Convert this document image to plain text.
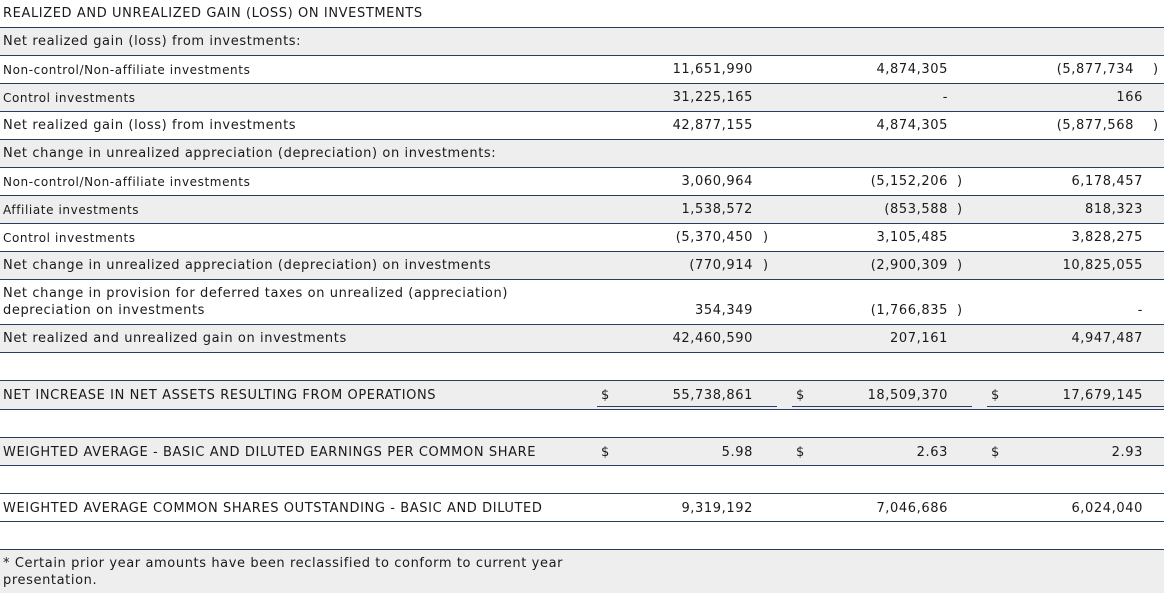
REALIZED AND UNREALIZED GAIN (LOSS) ON INVESTMENTS
Net realized gain (loss) from investments:
Non-control/Non-affiliate investments	11,651,990	4,874,305	(5,877,734 )
Control investments	31,225,165	-	166
Net realized gain (loss) from investments	42,877,155	4,874,305	(5,877,568 )
Net change in unrealized appreciation (depreciation) on investments:
Non-control/Non-affiliate investments	3,060,964	(5,152,206 )	6,178,457
Affiliate investments	1,538,572	(853,588 )	818,323
Control investments	(5,370,450 )	3,105,485	3,828,275
Net change in unrealized appreciation (depreciation) on investments	(770,914 )	(2,900,309 )	10,825,055
Net change in provision for deferred taxes on unrealized (appreciation)
depreciation on investments	354,349	(1,766,835 )	-
Net realized and unrealized gain on investments	42,460,590	207,161	4,947,487
NET INCREASE IN NET ASSETS RESULTING FROM OPERATIONS	$	55,738,861	$	18,509,370	$	17,679,145
WEIGHTED AVERAGE - BASIC AND DILUTED EARNINGS PER COMMON SHARE	$	5.98	$	2.63	$	2.93
WEIGHTED AVERAGE COMMON SHARES OUTSTANDING - BASIC AND DILUTED	9,319,192	7,046,686	6,024,040
* Certain prior year amounts have been reclassified to conform to current year
presentation.
